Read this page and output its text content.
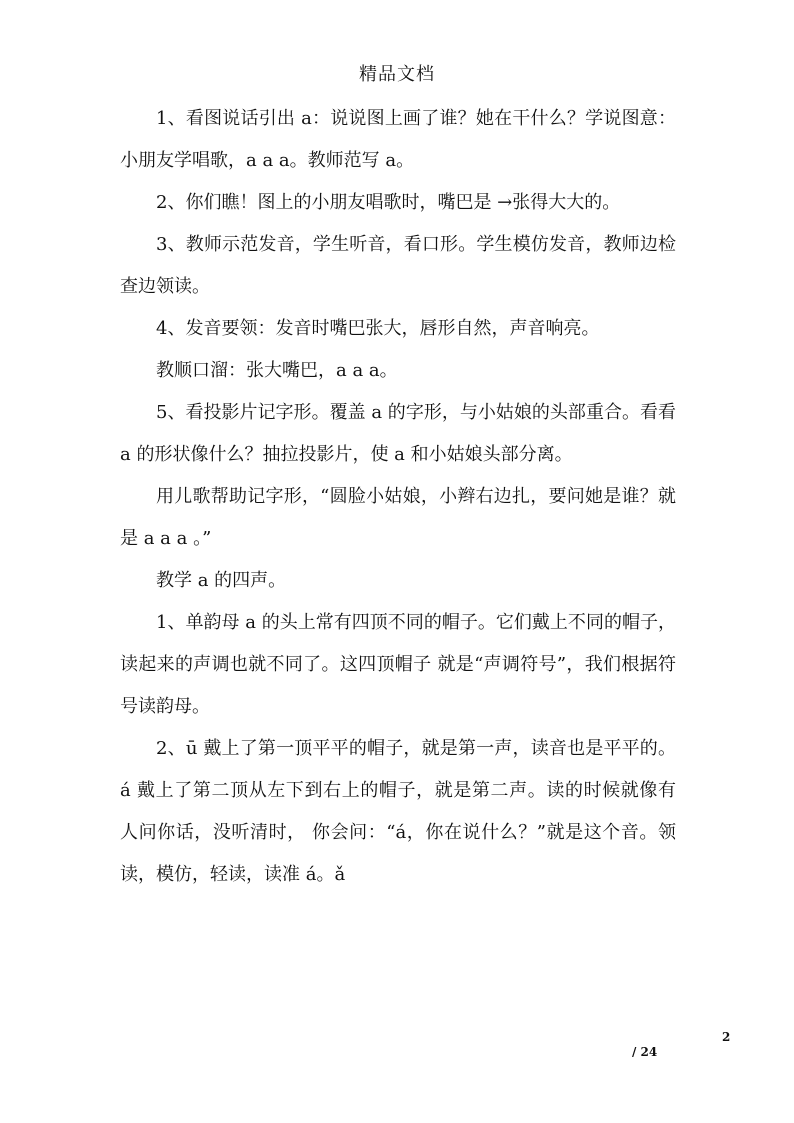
精品文档

1、看图说话引出 a：说说图上画了谁？她在干什么？学说图意：小朋友学唱歌，a a a。教师范写 a。

2、你们瞧！图上的小朋友唱歌时，嘴巴是 →张得大大的。

3、教师示范发音，学生听音，看口形。学生模仿发音，教师边检查边领读。

4、发音要领：发音时嘴巴张大，唇形自然，声音响亮。

教顺口溜：张大嘴巴，a a a。

5、看投影片记字形。覆盖 a 的字形，与小姑娘的头部重合。看看 a 的形状像什么？抽拉投影片，使 a 和小姑娘头部分离。

用儿歌帮助记字形，“圆脸小姑娘，小辫右边扎，要问她是谁？就是 a a a 。”

教学 a 的四声。

1、单韵母 a 的头上常有四顶不同的帽子。它们戴上不同的帽子，读起来的声调也就不同了。这四顶帽子 就是“声调符号”，我们根据符号读韵母。

2、ū 戴上了第一顶平平的帽子，就是第一声，读音也是平平的。á 戴上了第二顶从左下到右上的帽子，就是第二声。读的时候就像有人问你话，没听清时， 你会问：“á，你在说什么？”就是这个音。领读，模仿，轻读，读准 á。ǎ

2
/ 24
